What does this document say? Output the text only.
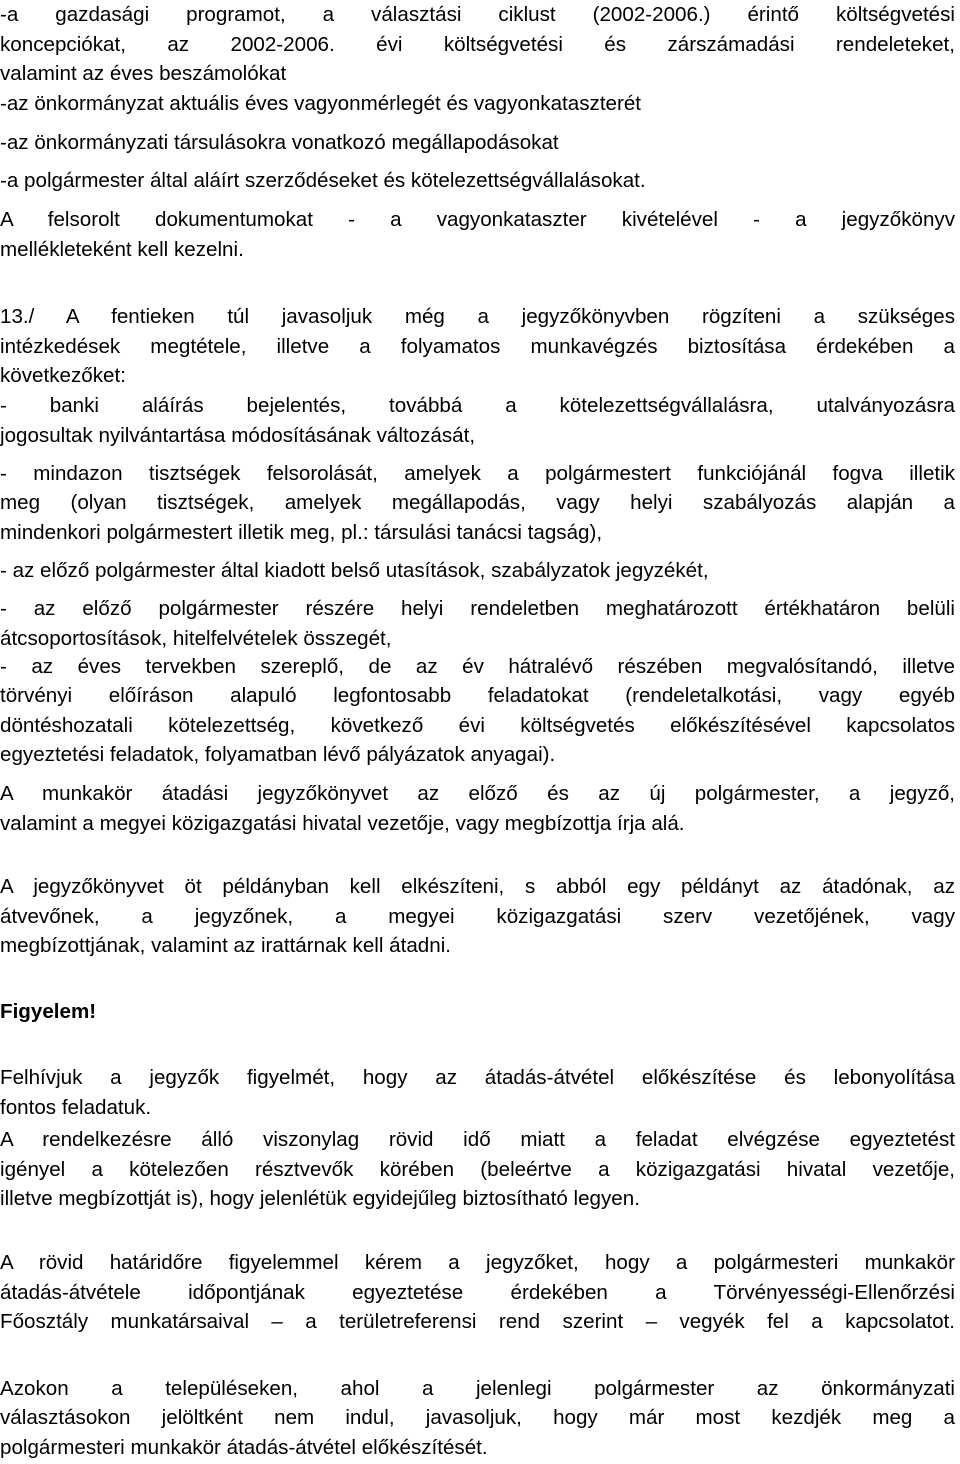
-a gazdasági programot, a választási ciklust (2002-2006.) érintő költségvetési
koncepciókat, az 2002-2006. évi költségvetési és zárszámadási rendeleteket,
valamint az éves beszámolókat
-az önkormányzat aktuális éves vagyonmérlegét és vagyonkataszterét
-az önkormányzati társulásokra vonatkozó megállapodásokat
-a polgármester által aláírt szerződéseket és kötelezettségvállalásokat.
A felsorolt dokumentumokat - a vagyonkataszter kivételével - a jegyzőkönyv
mellékleteként kell kezelni.
13./ A fentieken túl javasoljuk még a jegyzőkönyvben rögzíteni a szükséges
intézkedések megtétele, illetve a folyamatos munkavégzés biztosítása érdekében a
következőket:
- banki aláírás bejelentés, továbbá a kötelezettségvállalásra, utalványozásra
jogosultak nyilvántartása módosításának változását,
- mindazon tisztségek felsorolását, amelyek a polgármestert funkciójánál fogva illetik
meg (olyan tisztségek, amelyek megállapodás, vagy helyi szabályozás alapján a
mindenkori polgármestert illetik meg, pl.: társulási tanácsi tagság),
- az előző polgármester által kiadott belső utasítások, szabályzatok jegyzékét,
- az előző polgármester részére helyi rendeletben meghatározott értékhatáron belüli
átcsoportosítások, hitelfelvételek összegét,
- az éves tervekben szereplő, de az év hátralévő részében megvalósítandó, illetve
törvényi előíráson alapuló legfontosabb feladatokat (rendeletalkotási, vagy egyéb
döntéshozatali kötelezettség, következő évi költségvetés előkészítésével kapcsolatos
egyeztetési feladatok, folyamatban lévő pályázatok anyagai).
A munkakör átadási jegyzőkönyvet az előző és az új polgármester, a jegyző,
valamint a megyei közigazgatási hivatal vezetője, vagy megbízottja írja alá.
A jegyzőkönyvet öt példányban kell elkészíteni, s abból egy példányt az átadónak, az
átvevőnek, a jegyzőnek, a megyei közigazgatási szerv vezetőjének, vagy
megbízottjának, valamint az irattárnak kell átadni.
Figyelem!
Felhívjuk a jegyzők figyelmét, hogy az átadás-átvétel előkészítése és lebonyolítása
fontos feladatuk.
A rendelkezésre álló viszonylag rövid idő miatt a feladat elvégzése egyeztetést
igényel a kötelezően résztvevők körében (beleértve a közigazgatási hivatal vezetője,
illetve megbízottját is), hogy jelenlétük egyidejűleg biztosítható legyen.
A rövid határidőre figyelemmel kérem a jegyzőket, hogy a polgármesteri munkakör
átadás-átvétele időpontjának egyeztetése érdekében a Törvényességi-Ellenőrzési
Főosztály munkatársaival – a területreferensi rend szerint – vegyék fel a kapcsolatot.
Azokon a településeken, ahol a jelenlegi polgármester az önkormányzati
választásokon jelöltként nem indul, javasoljuk, hogy már most kezdjék meg a
polgármesteri munkakör átadás-átvétel előkészítését.
